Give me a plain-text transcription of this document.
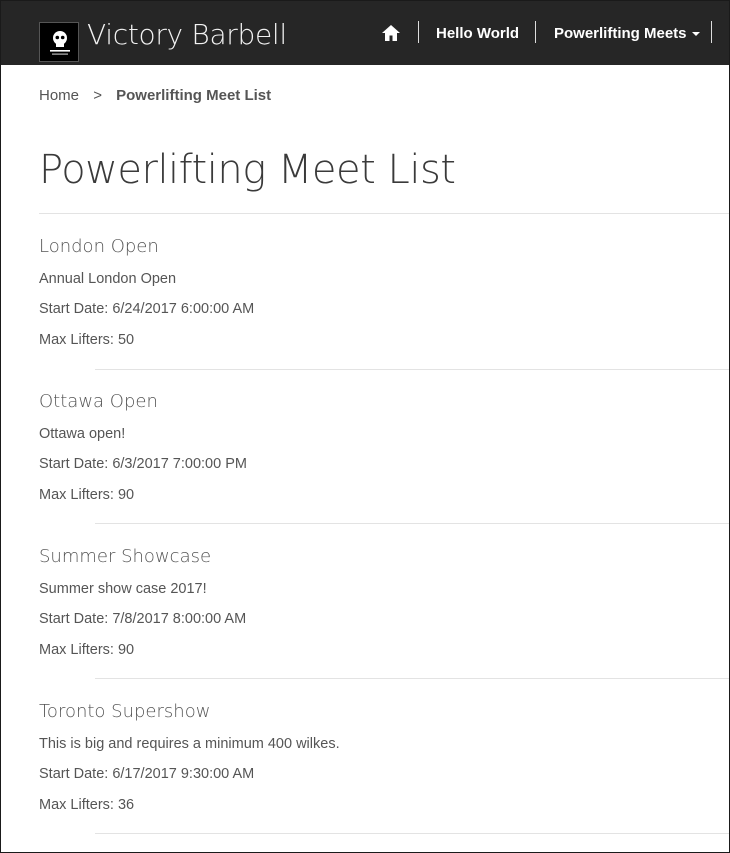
Victory Barbell	Hello World Powerlifting Meets
Home > Powerlifting Meet List
Powerlifting Meet List
London Open
Annual London Open
Start Date: 6/24/2017 6:00:00 AM
Max Lifters: 50
Ottawa Open
Ottawa open!
Start Date: 6/3/2017 7:00:00 PM
Max Lifters: 90
Summer Showcase
Summer show case 2017!
Start Date: 7/8/2017 8:00:00 AM
Max Lifters: 90
Toronto Supershow
This is big and requires a minimum 400 wilkes.
Start Date: 6/17/2017 9:30:00 AM
Max Lifters: 36
